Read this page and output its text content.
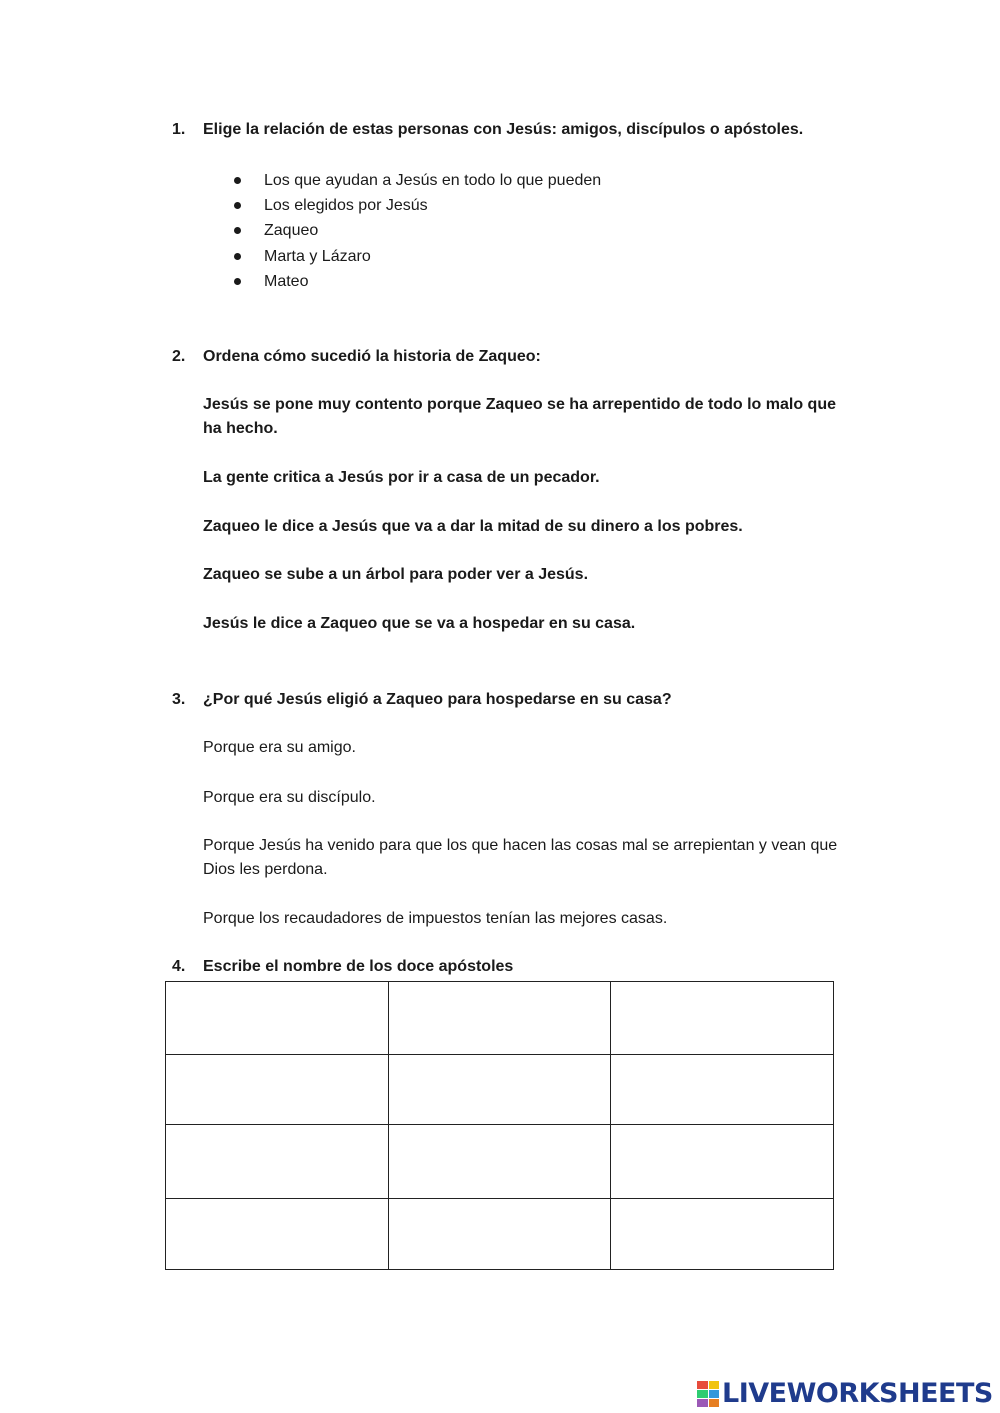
1. Elige la relación de estas personas con Jesús: amigos, discípulos o apóstoles.
Los que ayudan a Jesús en todo lo que pueden
Los elegidos por Jesús
Zaqueo
Marta y Lázaro
Mateo
2. Ordena cómo sucedió la historia de Zaqueo:
Jesús se pone muy contento porque Zaqueo se ha arrepentido de todo lo malo que ha hecho.
La gente critica a Jesús por ir a casa de un pecador.
Zaqueo le dice a Jesús que va a dar la mitad de su dinero a los pobres.
Zaqueo se sube a un árbol para poder ver a Jesús.
Jesús le dice a Zaqueo que se va a hospedar en su casa.
3. ¿Por qué Jesús eligió a Zaqueo para hospedarse en su casa?
Porque era su amigo.
Porque era su discípulo.
Porque Jesús ha venido para que los que hacen las cosas mal se arrepientan y vean que Dios les perdona.
Porque los recaudadores de impuestos tenían las mejores casas.
4. Escribe el nombre de los doce apóstoles

LIVEWORKSHEETS
